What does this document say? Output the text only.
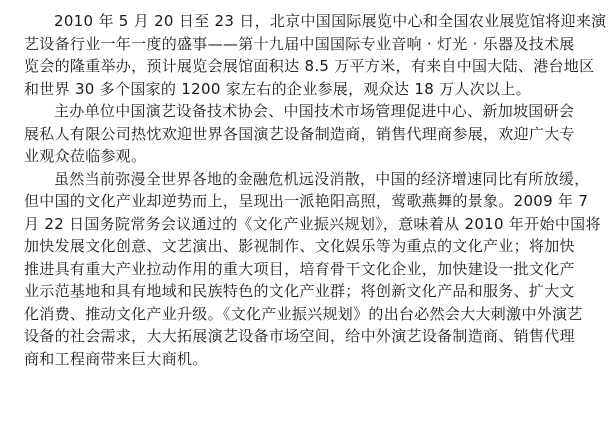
2010 年 5 月 20 日至 23 日，北京中国国际展览中心和全国农业展览馆将迎来演
艺设备行业一年一度的盛事——第十九届中国国际专业音响 · 灯光 · 乐器及技术展
览会的隆重举办，预计展览会展馆面积达 8.5 万平方米，有来自中国大陆、港台地区
和世界 30 多个国家的 1200 家左右的企业参展，观众达 18 万人次以上。
主办单位中国演艺设备技术协会、中国技术市场管理促进中心、新加坡国研会
展私人有限公司热忱欢迎世界各国演艺设备制造商，销售代理商参展，欢迎广大专
业观众莅临参观。
虽然当前弥漫全世界各地的金融危机远没消散，中国的经济增速同比有所放缓，
但中国的文化产业却逆势而上，呈现出一派艳阳高照，莺歌燕舞的景象。2009 年 7
月 22 日国务院常务会议通过的《文化产业振兴规划》，意味着从 2010 年开始中国将
加快发展文化创意、文艺演出、影视制作、文化娱乐等为重点的文化产业；将加快
推进具有重大产业拉动作用的重大项目，培育骨干文化企业，加快建设一批文化产
业示范基地和具有地域和民族特色的文化产业群；将创新文化产品和服务、扩大文
化消费、推动文化产业升级。《文化产业振兴规划》的出台必然会大大刺激中外演艺
设备的社会需求，大大拓展演艺设备市场空间，给中外演艺设备制造商、销售代理
商和工程商带来巨大商机。
